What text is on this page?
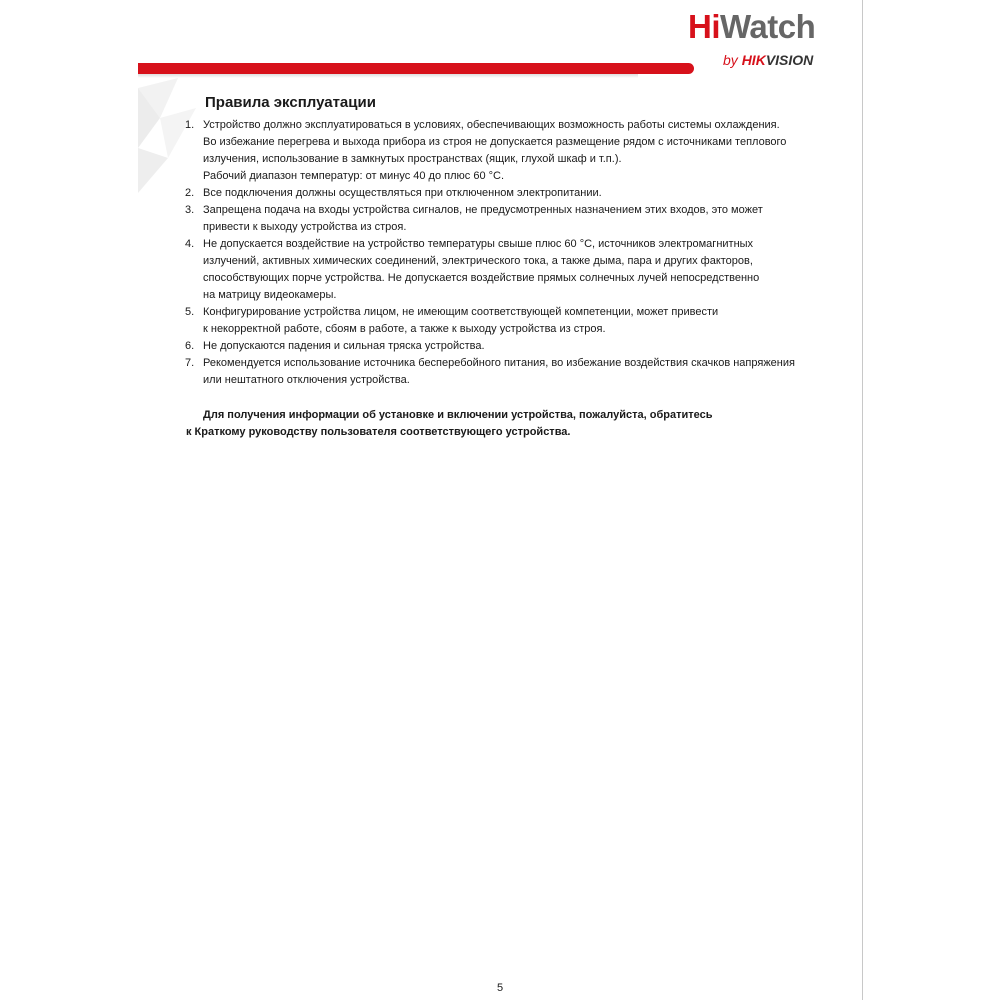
HiWatch
by HIKVISION
Правила эксплуатации
1. Устройство должно эксплуатироваться в условиях, обеспечивающих возможность работы системы охлаждения.
Во избежание перегрева и выхода прибора из строя не допускается размещение рядом с источниками теплового
излучения, использование в замкнутых пространствах (ящик, глухой шкаф и т.п.).
Рабочий диапазон температур: от минус 40 до плюс 60 °C.
2. Все подключения должны осуществляться при отключенном электропитании.
3. Запрещена подача на входы устройства сигналов, не предусмотренных назначением этих входов, это может
привести к выходу устройства из строя.
4. Не допускается воздействие на устройство температуры свыше плюс 60 °C, источников электромагнитных
излучений, активных химических соединений, электрического тока, а также дыма, пара и других факторов,
способствующих порче устройства. Не допускается воздействие прямых солнечных лучей непосредственно
на матрицу видеокамеры.
5. Конфигурирование устройства лицом, не имеющим соответствующей компетенции, может привести
к некорректной работе, сбоям в работе, а также к выходу устройства из строя.
6. Не допускаются падения и сильная тряска устройства.
7. Рекомендуется использование источника бесперебойного питания, во избежание воздействия скачков напряжения
или нештатного отключения устройства.
Для получения информации об установке и включении устройства, пожалуйста, обратитесь
к Краткому руководству пользователя соответствующего устройства.
5
